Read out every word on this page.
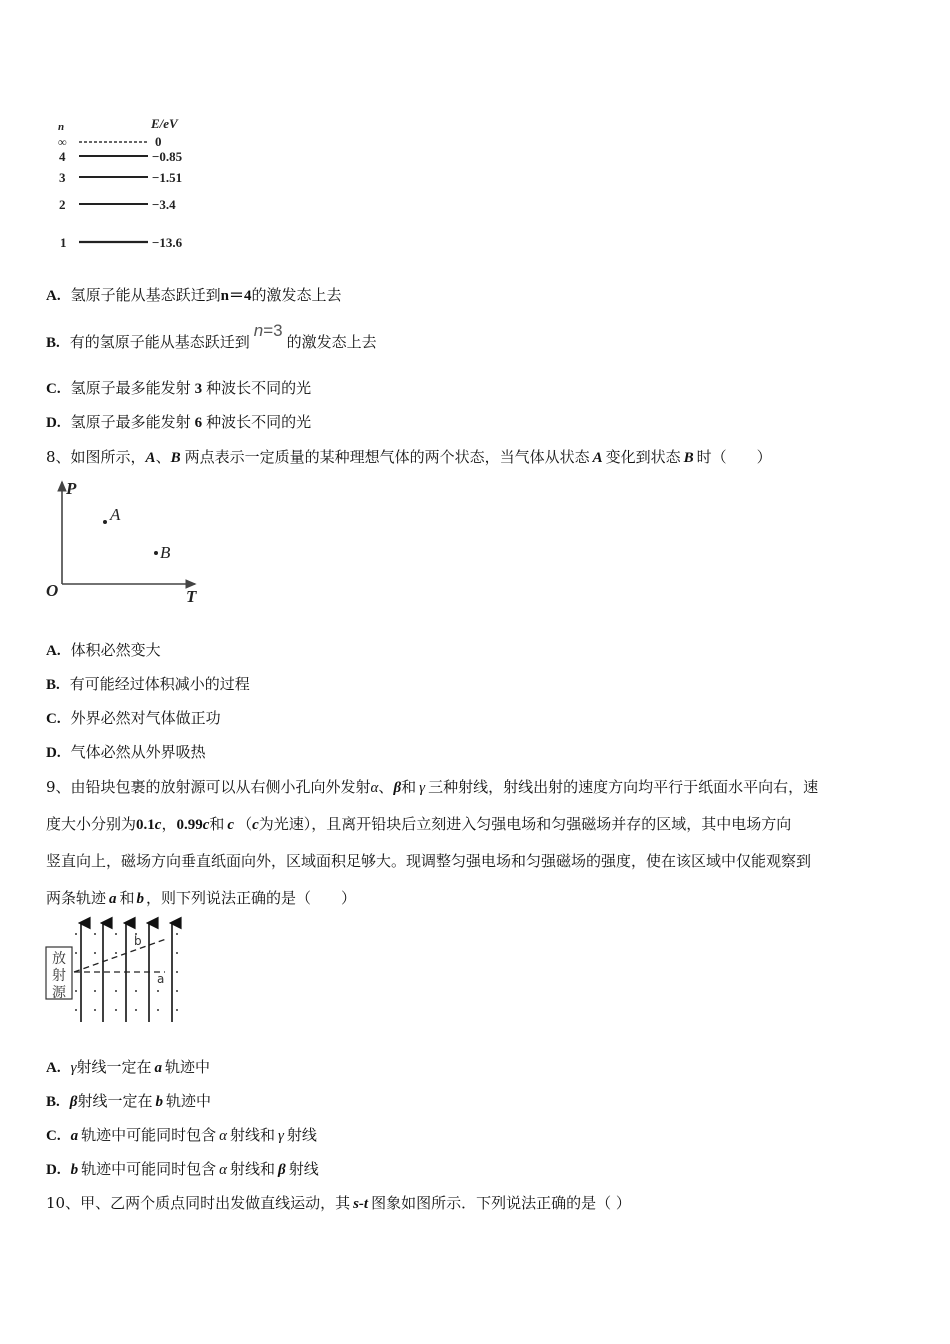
n	E/eV
∞	0
4	−0.85
3	−1.51
2	−3.4
1	−13.6
A. 氢原子能从基态跃迁到n＝4的激发态上去
B. 有的氢原子能从基态跃迁到n=3的激发态上去
C. 氢原子最多能发射 3 种波长不同的光
D. 氢原子最多能发射 6 种波长不同的光
8、如图所示，A、B 两点表示一定质量的某种理想气体的两个状态，当气体从状态 A 变化到状态 B 时（　　）
P
T
O
A
B
A. 体积必然变大
B. 有可能经过体积减小的过程
C. 外界必然对气体做正功
D. 气体必然从外界吸热
9、由铅块包裹的放射源可以从右侧小孔向外发射α、β和 γ 三种射线，射线出射的速度方向均平行于纸面水平向右，速
度大小分别为0.1c，0.99c和 c （c为光速），且离开铅块后立刻进入匀强电场和匀强磁场并存的区域，其中电场方向
竖直向上，磁场方向垂直纸面向外，区域面积足够大。现调整匀强电场和匀强磁场的强度，使在该区域中仅能观察到
两条轨迹 a 和 b ，则下列说法正确的是（　　）
放
射
源
a
b
A. γ射线一定在 a 轨迹中
B. β射线一定在 b 轨迹中
C. a 轨迹中可能同时包含 α 射线和 γ 射线
D. b 轨迹中可能同时包含 α 射线和 β 射线
10、甲、乙两个质点同时出发做直线运动，其 s-t 图象如图所示．下列说法正确的是（ ）
